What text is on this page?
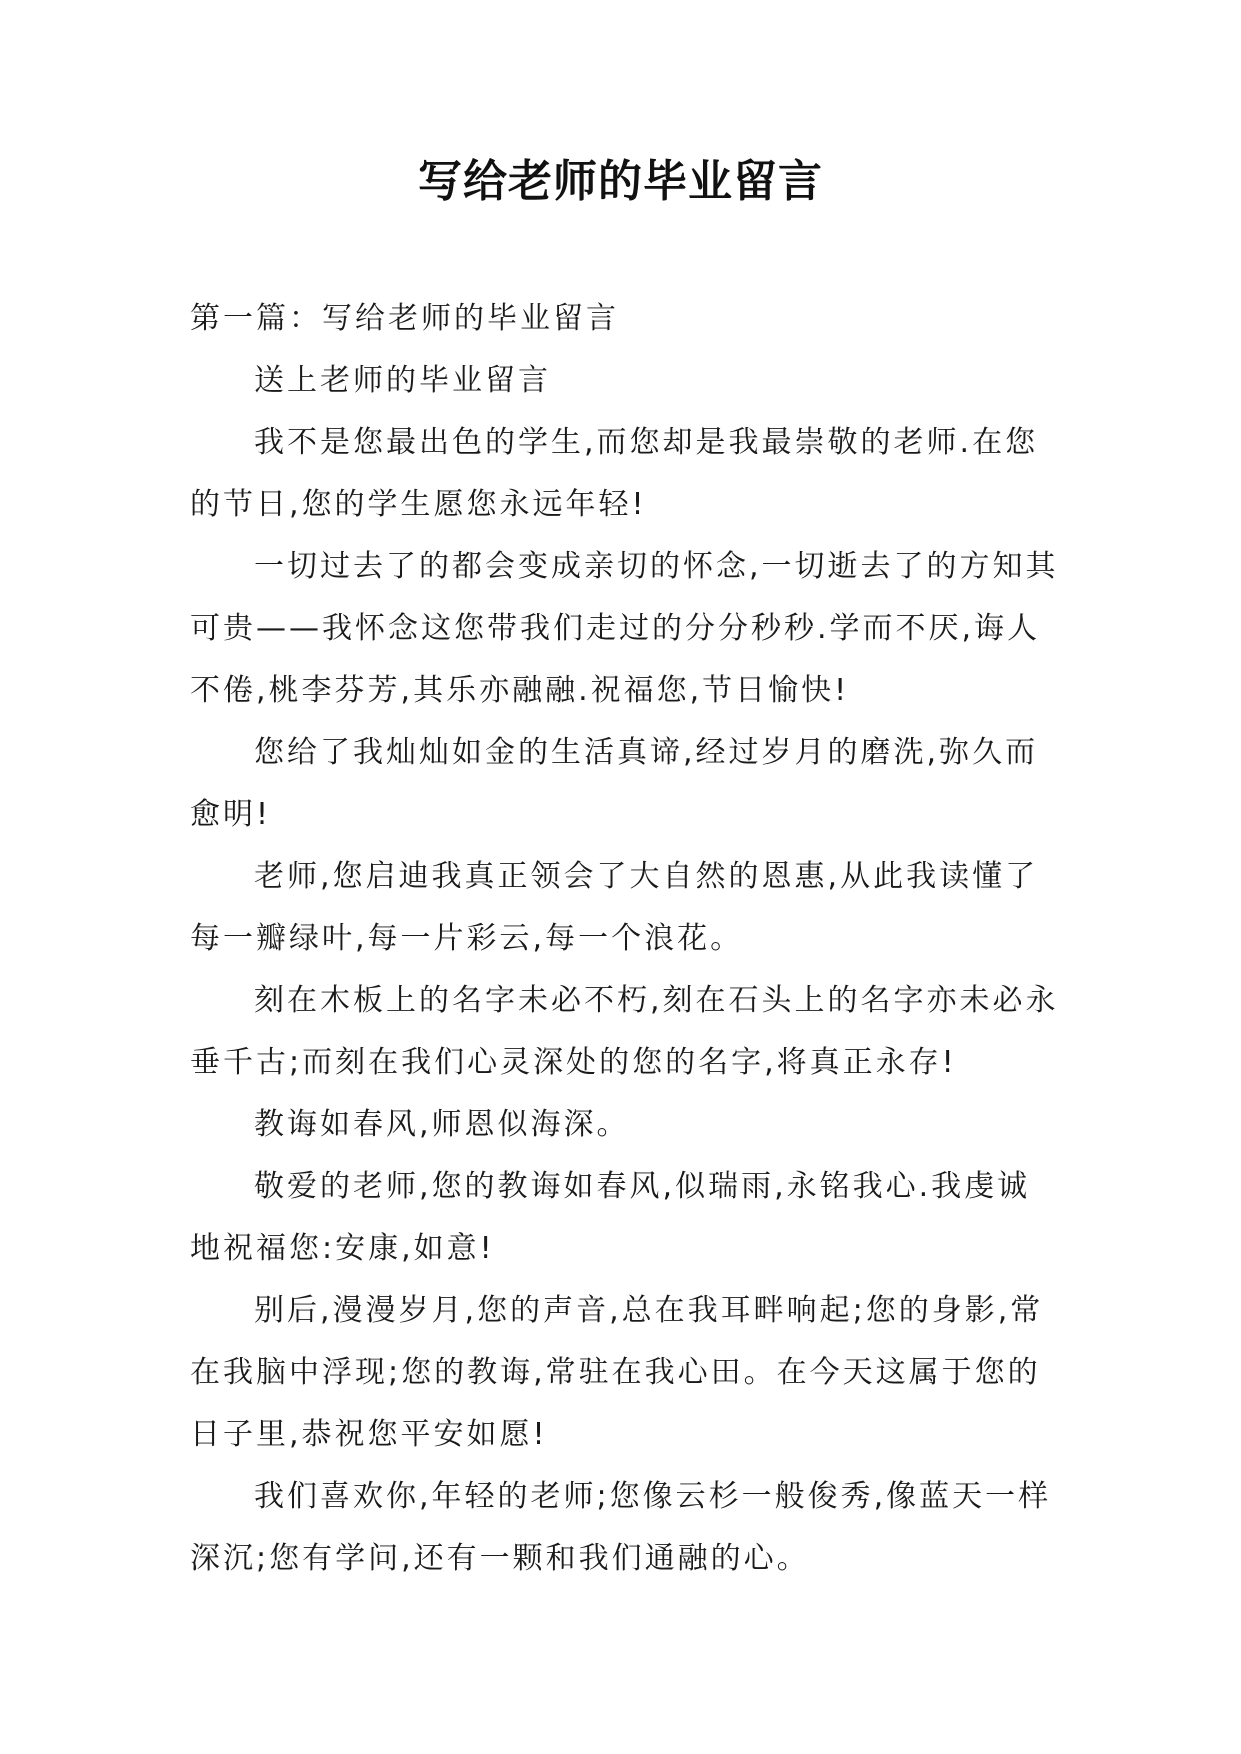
写给老师的毕业留言

第一篇：写给老师的毕业留言

送上老师的毕业留言

我不是您最出色的学生,而您却是我最崇敬的老师.在您的节日,您的学生愿您永远年轻!

一切过去了的都会变成亲切的怀念,一切逝去了的方知其可贵——我怀念这您带我们走过的分分秒秒.学而不厌,诲人不倦,桃李芬芳,其乐亦融融.祝福您,节日愉快!

您给了我灿灿如金的生活真谛,经过岁月的磨洗,弥久而愈明!

老师,您启迪我真正领会了大自然的恩惠,从此我读懂了每一瓣绿叶,每一片彩云,每一个浪花。

刻在木板上的名字未必不朽,刻在石头上的名字亦未必永垂千古;而刻在我们心灵深处的您的名字,将真正永存!

教诲如春风,师恩似海深。

敬爱的老师,您的教诲如春风,似瑞雨,永铭我心.我虔诚地祝福您:安康,如意!

别后,漫漫岁月,您的声音,总在我耳畔响起;您的身影,常在我脑中浮现;您的教诲,常驻在我心田。在今天这属于您的日子里,恭祝您平安如愿!

我们喜欢你,年轻的老师;您像云杉一般俊秀,像蓝天一样深沉;您有学问,还有一颗和我们通融的心。
